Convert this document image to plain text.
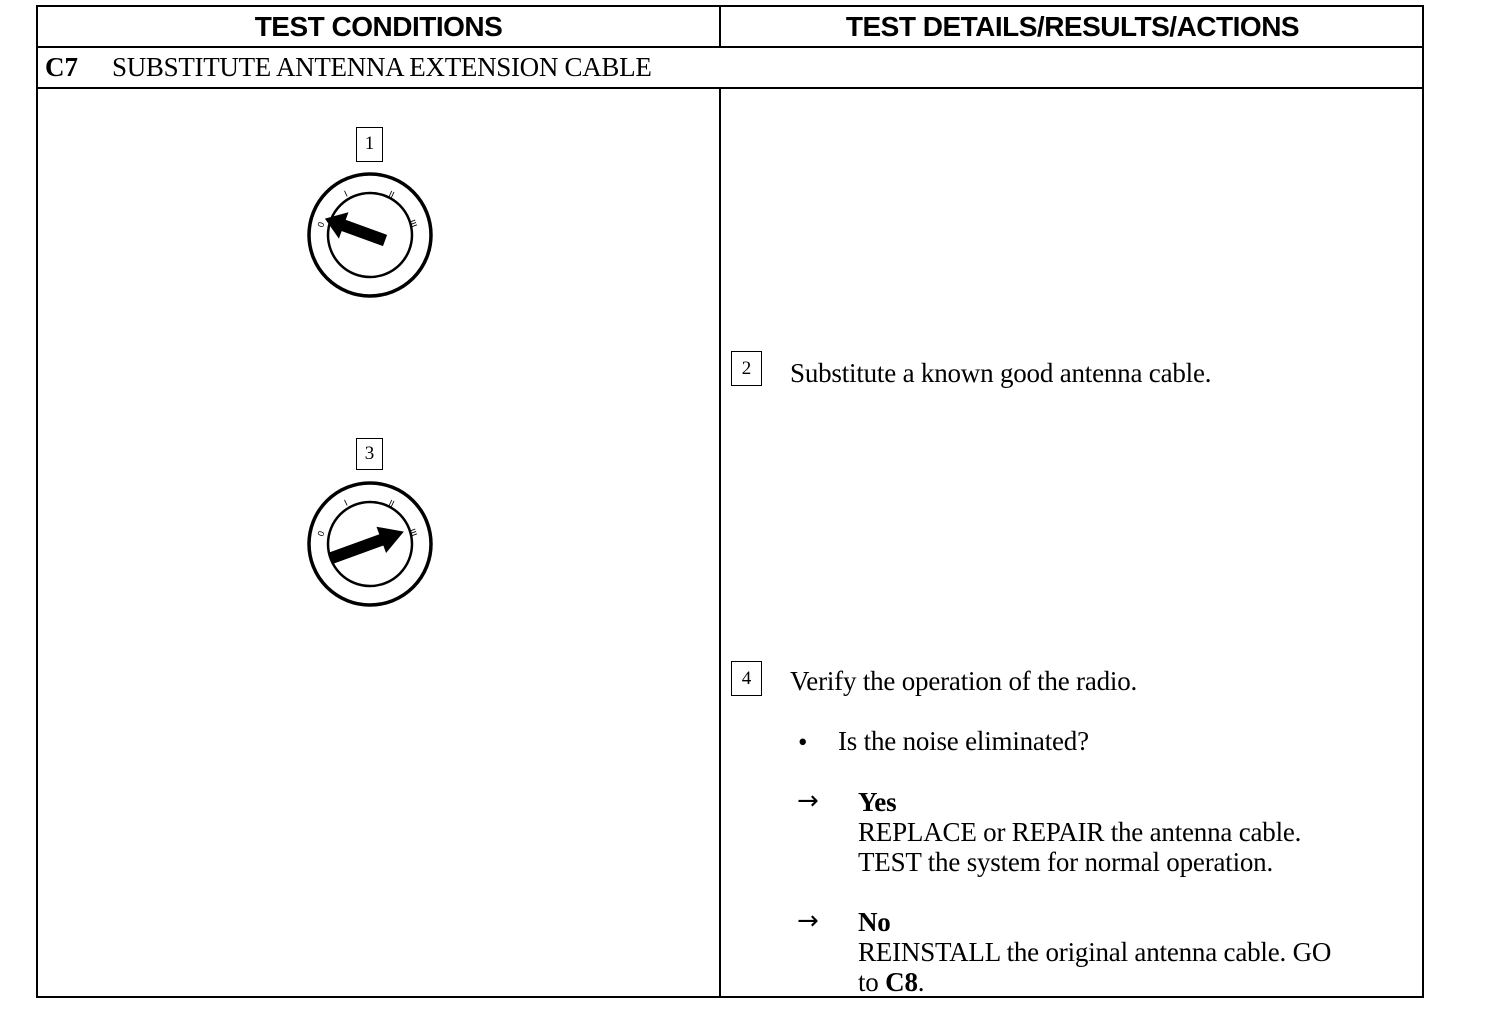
TEST CONDITIONS	TEST DETAILS/RESULTS/ACTIONS
C7 SUBSTITUTE ANTENNA EXTENSION CABLE
1
0
I	II
III
3
0
I	II
III
2	Substitute a known good antenna cable.
4	Verify the operation of the radio.
• Is the noise eliminated?
→ Yes
REPLACE or REPAIR the antenna cable.
TEST the system for normal operation.
→ No
REINSTALL the original antenna cable. GO
to C8.
